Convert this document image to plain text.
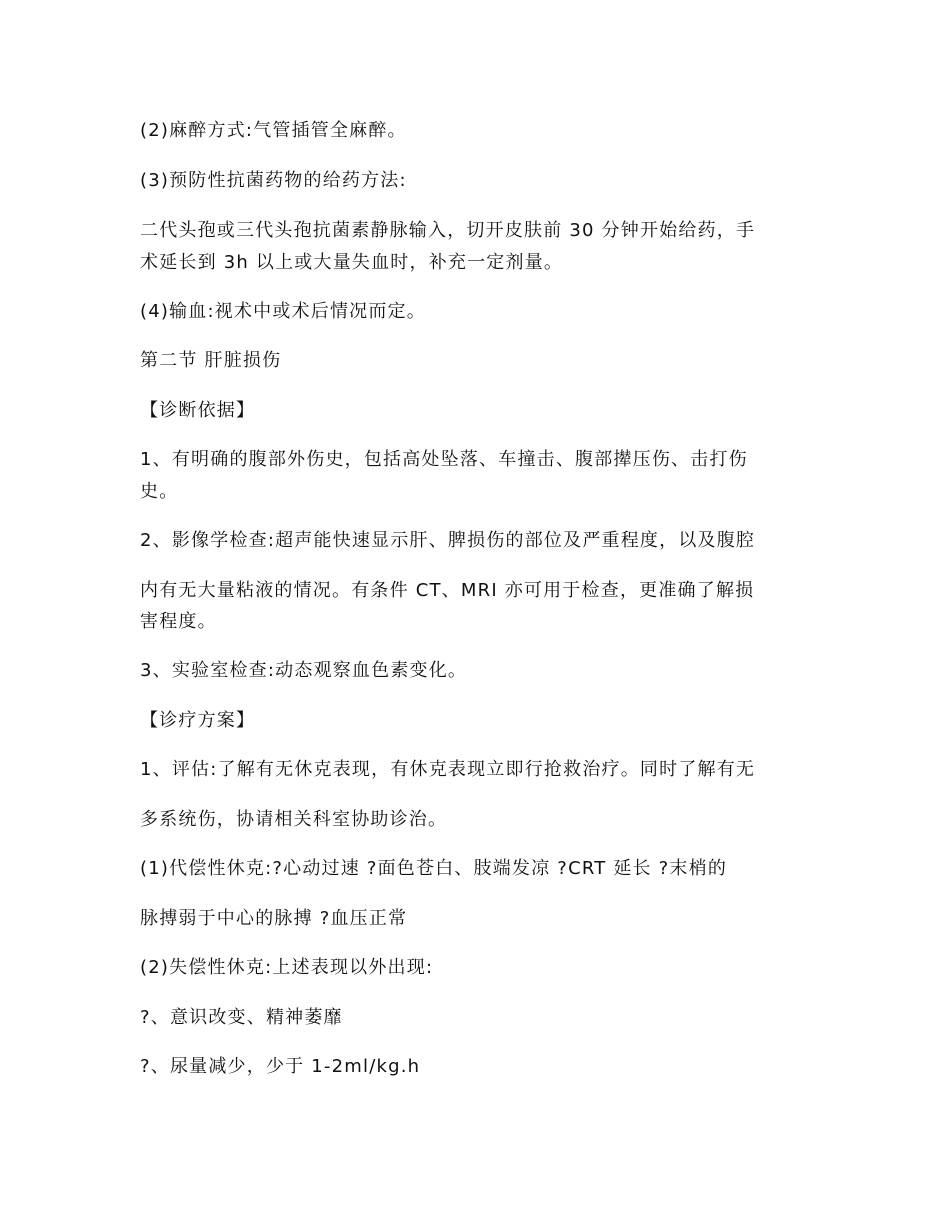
(2)麻醉方式:气管插管全麻醉。
(3)预防性抗菌药物的给药方法:
二代头孢或三代头孢抗菌素静脉输入，切开皮肤前 30 分钟开始给药，手
术延长到 3h 以上或大量失血时，补充一定剂量。
(4)输血:视术中或术后情况而定。
第二节 肝脏损伤
【诊断依据】
1、有明确的腹部外伤史，包括高处坠落、车撞击、腹部撵压伤、击打伤
史。
2、影像学检查:超声能快速显示肝、脾损伤的部位及严重程度，以及腹腔
内有无大量粘液的情况。有条件 CT、MRI 亦可用于检查，更准确了解损
害程度。
3、实验室检查:动态观察血色素变化。
【诊疗方案】
1、评估:了解有无休克表现，有休克表现立即行抢救治疗。同时了解有无
多系统伤，协请相关科室协助诊治。
(1)代偿性休克:?心动过速 ?面色苍白、肢端发凉 ?CRT 延长 ?末梢的
脉搏弱于中心的脉搏 ?血压正常
(2)失偿性休克:上述表现以外出现:
?、意识改变、精神萎靡
?、尿量减少，少于 1-2ml/kg.h
